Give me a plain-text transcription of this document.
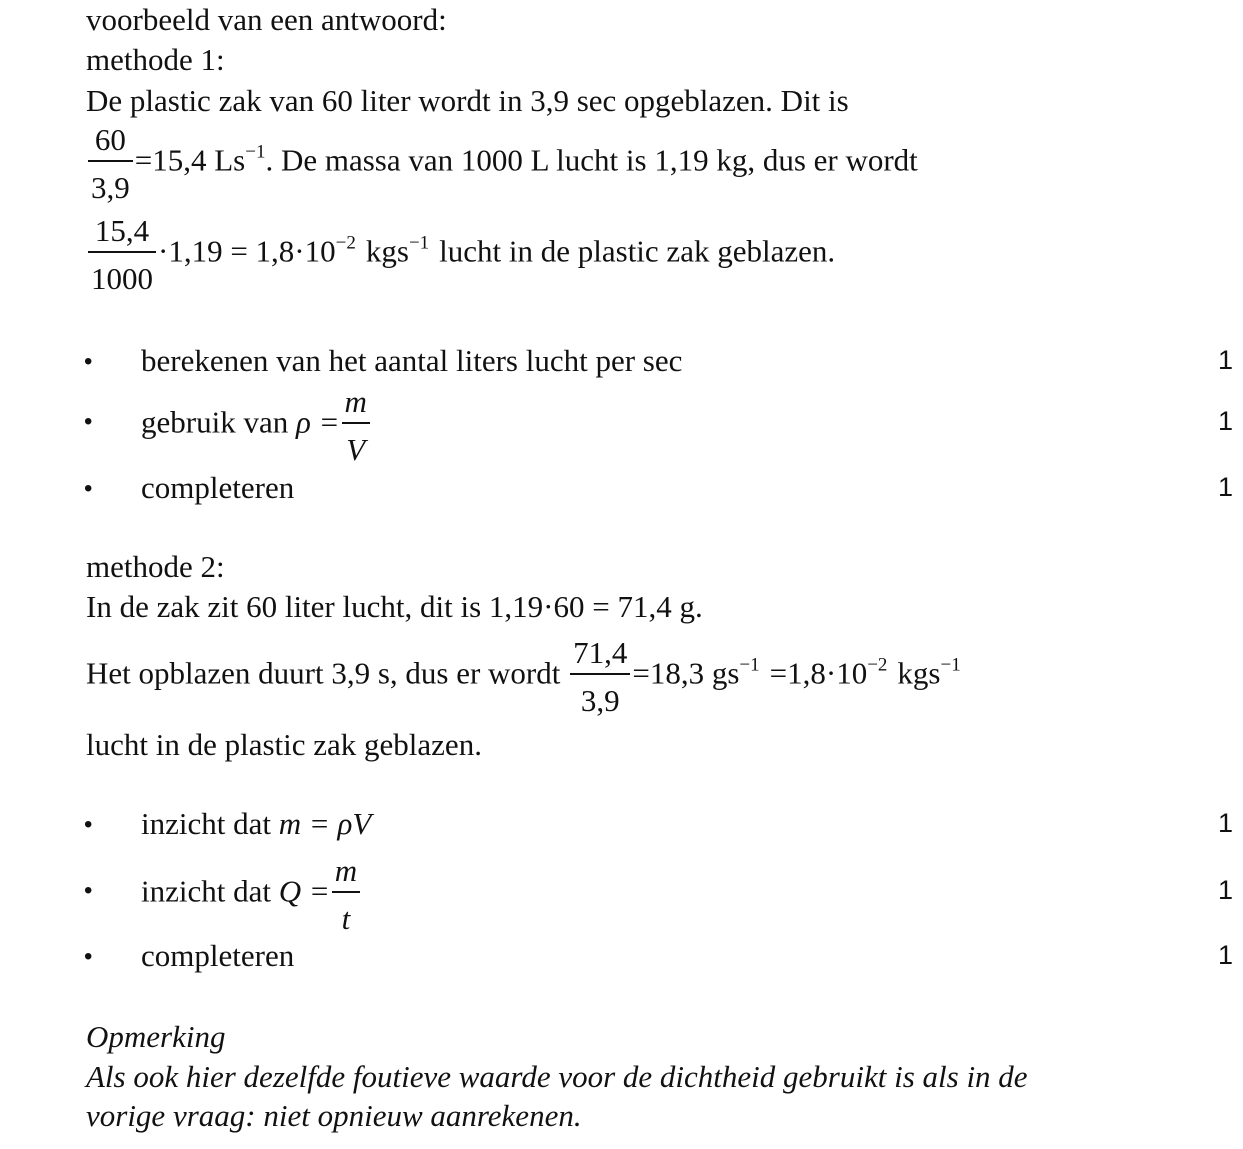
voorbeeld van een antwoord:
methode 1:
De plastic zak van 60 liter wordt in 3,9 sec opgeblazen. Dit is
$\frac{60}{3,9} =15,4$ $Ls^{-1}$. De massa van 1000 L lucht is 1,19 kg, dus er wordt
$\frac{15,4}{1000} \cdot 1,19 = 1,8\cdot 10^{-2}$ kgs$^{-1}$ lucht in de plastic zak geblazen.
• berekenen van het aantal liters lucht per sec	1
• gebruik van $\rho = \frac{m}{V}$	1
• completeren	1
methode 2:
In de zak zit 60 liter lucht, dit is 1,19·60 = 71,4 g.
Het opblazen duurt 3,9 s, dus er wordt $\frac{71,4}{3,9} =18,3$ $gs^{-1} =1,8\cdot 10^{-2}$ kgs$^{-1}$
lucht in de plastic zak geblazen.
• inzicht dat m = ρV	1
• inzicht dat $Q = \frac{m}{t}$	1
• completeren	1
Opmerking
Als ook hier dezelfde foutieve waarde voor de dichtheid gebruikt is als in de
vorige vraag: niet opnieuw aanrekenen.
